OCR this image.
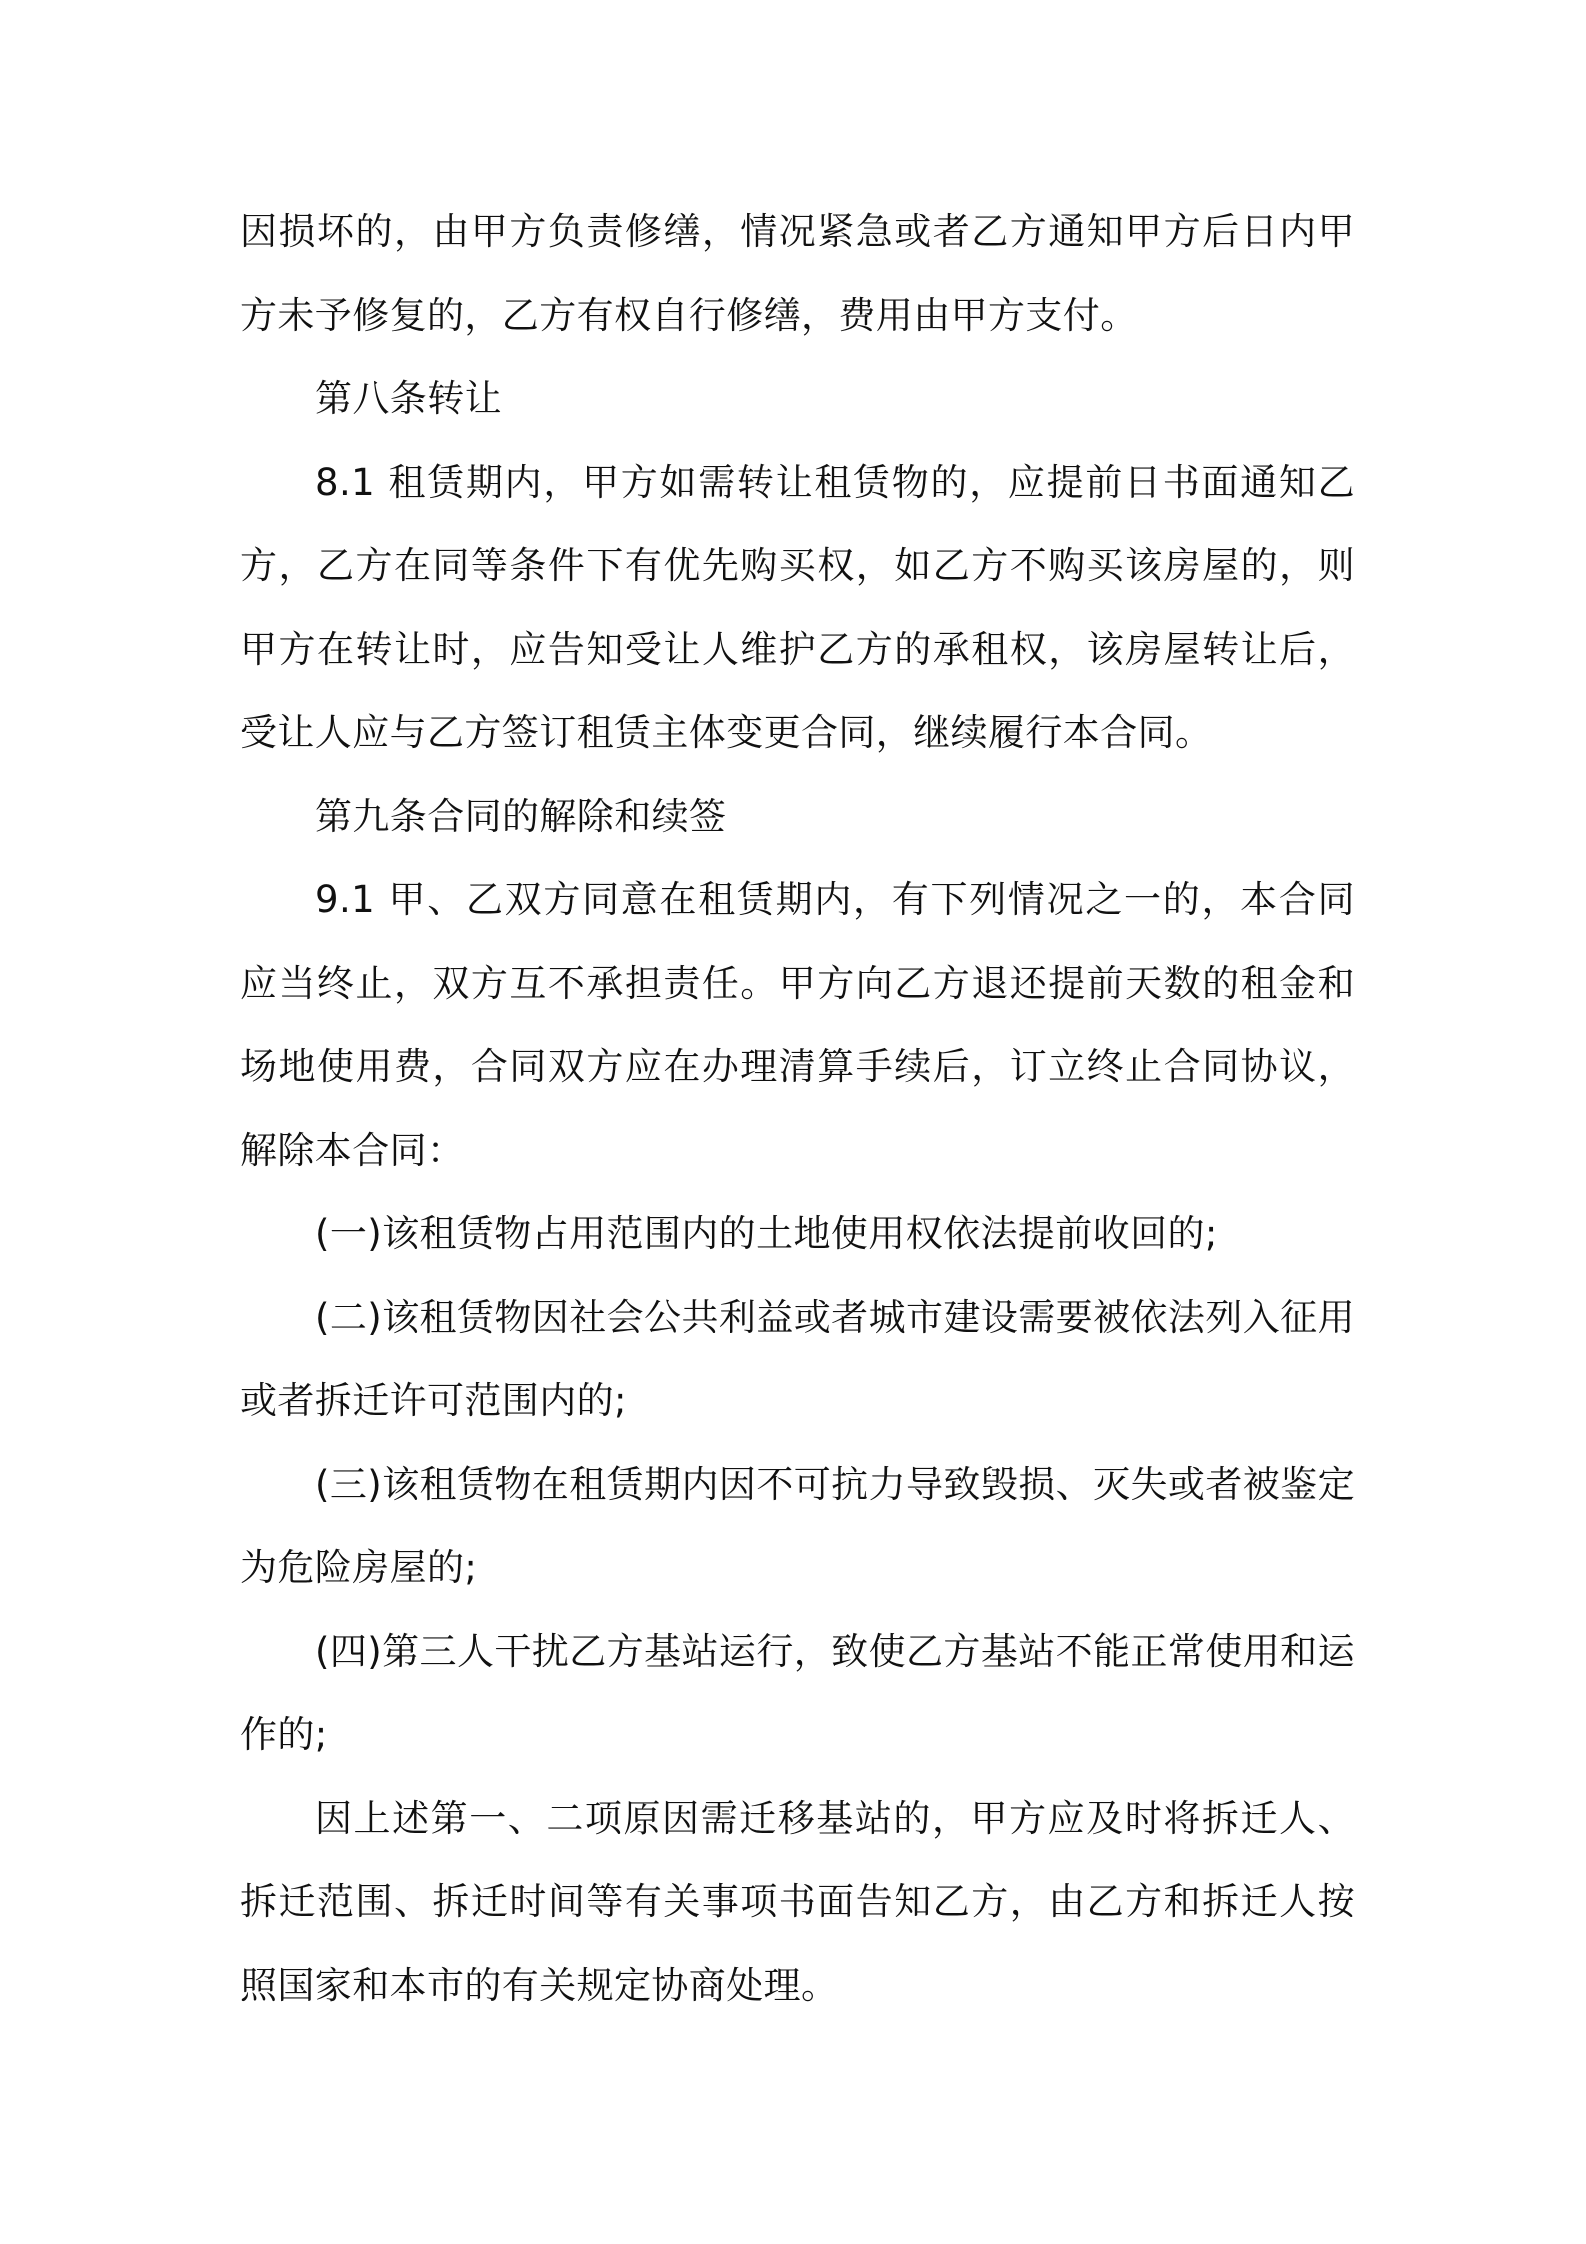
因损坏的，由甲方负责修缮，情况紧急或者乙方通知甲方后日内甲方未予修复的，乙方有权自行修缮，费用由甲方支付。

第八条转让

8.1 租赁期内，甲方如需转让租赁物的，应提前日书面通知乙方，乙方在同等条件下有优先购买权，如乙方不购买该房屋的，则甲方在转让时，应告知受让人维护乙方的承租权，该房屋转让后，受让人应与乙方签订租赁主体变更合同，继续履行本合同。

第九条合同的解除和续签

9.1 甲、乙双方同意在租赁期内，有下列情况之一的，本合同应当终止，双方互不承担责任。甲方向乙方退还提前天数的租金和场地使用费，合同双方应在办理清算手续后，订立终止合同协议，解除本合同：

(一)该租赁物占用范围内的土地使用权依法提前收回的;

(二)该租赁物因社会公共利益或者城市建设需要被依法列入征用或者拆迁许可范围内的;

(三)该租赁物在租赁期内因不可抗力导致毁损、灭失或者被鉴定为危险房屋的;

(四)第三人干扰乙方基站运行，致使乙方基站不能正常使用和运作的;

因上述第一、二项原因需迁移基站的，甲方应及时将拆迁人、拆迁范围、拆迁时间等有关事项书面告知乙方，由乙方和拆迁人按照国家和本市的有关规定协商处理。
